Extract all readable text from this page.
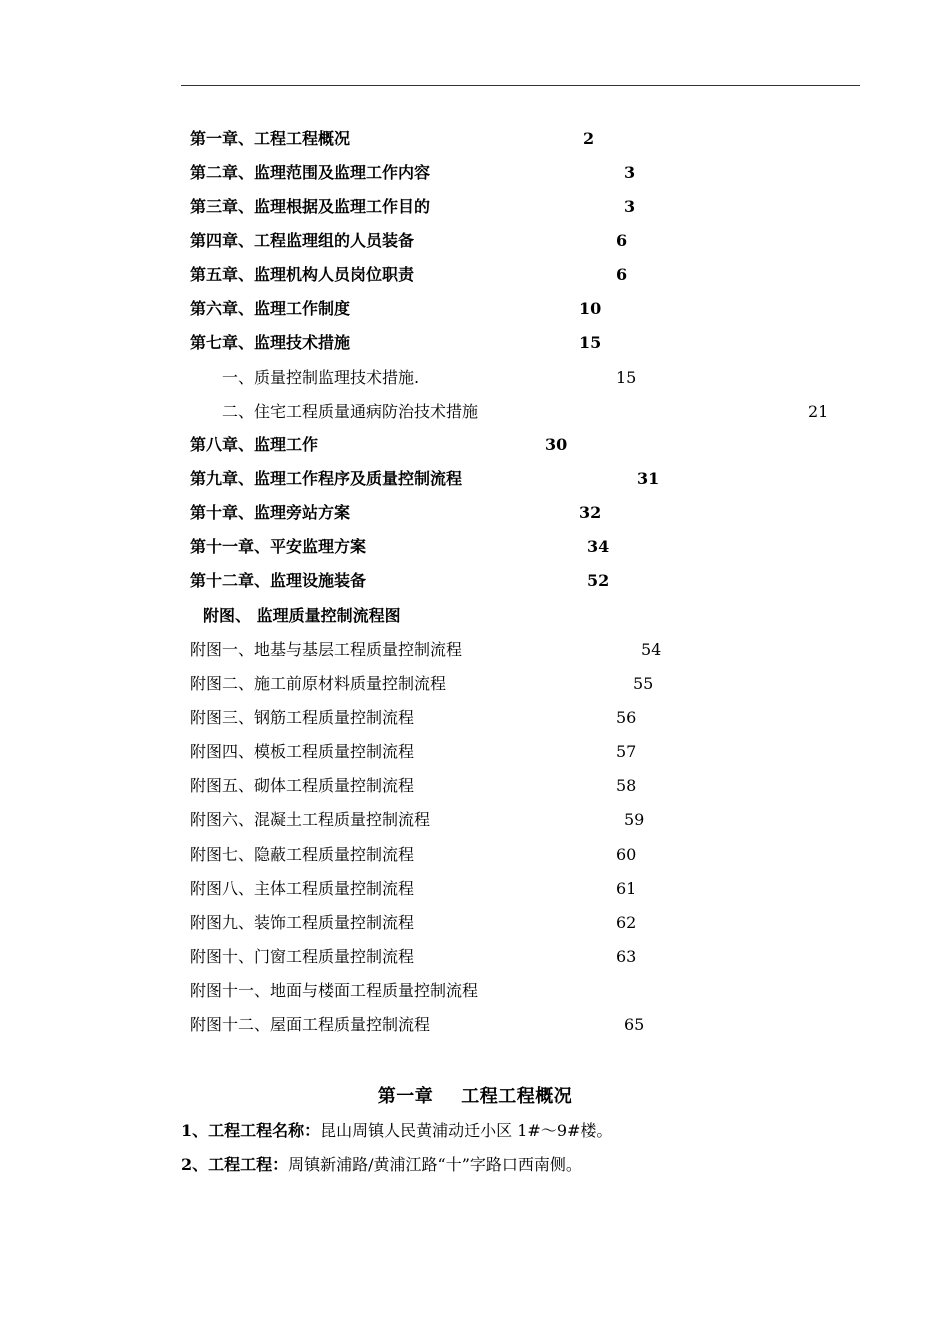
第一章、工程工程概况	2
第二章、监理范围及监理工作内容	3
第三章、监理根据及监理工作目的	3
第四章、工程监理组的人员装备	6
第五章、监理机构人员岗位职责	6
第六章、监理工作制度	10
第七章、监理技术措施	15
一、质量控制监理技术措施.	15
二、住宅工程质量通病防治技术措施	21
第八章、监理工作	30
第九章、监理工作程序及质量控制流程	31
第十章、监理旁站方案	32
第十一章、平安监理方案	34
第十二章、监理设施装备	52
附图、 监理质量控制流程图
附图一、地基与基层工程质量控制流程	54
附图二、施工前原材料质量控制流程	55
附图三、钢筋工程质量控制流程	56
附图四、模板工程质量控制流程	57
附图五、砌体工程质量控制流程	58
附图六、混凝土工程质量控制流程	59
附图七、隐蔽工程质量控制流程	60
附图八、主体工程质量控制流程	61
附图九、装饰工程质量控制流程	62
附图十、门窗工程质量控制流程	63
附图十一、地面与楼面工程质量控制流程
附图十二、屋面工程质量控制流程	65
第一章 工程工程概况
1、工程工程名称：昆山周镇人民黄浦动迁小区 1#～9#楼。
2、工程工程：周镇新浦路/黄浦江路“十”字路口西南侧。
